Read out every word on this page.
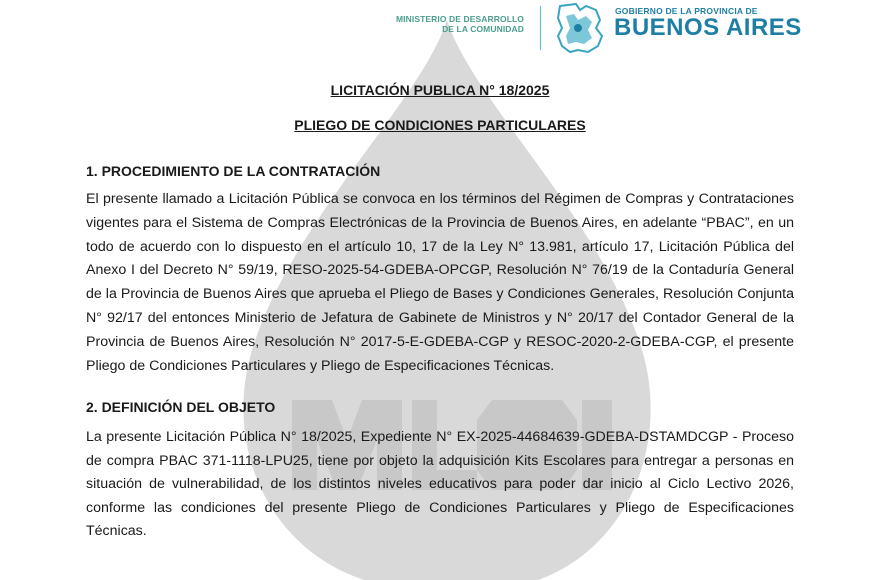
MINISTERIO DE DESARROLLO
DE LA COMUNIDAD
GOBIERNO DE LA PROVINCIA DE
BUENOS AIRES

LICITACIÓN PUBLICA N° 18/2025

PLIEGO DE CONDICIONES PARTICULARES

1. PROCEDIMIENTO DE LA CONTRATACIÓN

El presente llamado a Licitación Pública se convoca en los términos del Régimen de Compras y Contrataciones vigentes para el Sistema de Compras Electrónicas de la Provincia de Buenos Aires, en adelante “PBAC”, en un todo de acuerdo con lo dispuesto en el artículo 10, 17 de la Ley N° 13.981, artículo 17, Licitación Pública del Anexo I del Decreto N° 59/19, RESO-2025-54-GDEBA-OPCGP, Resolución N° 76/19 de la Contaduría General de la Provincia de Buenos Aires que aprueba el Pliego de Bases y Condiciones Generales, Resolución Conjunta N° 92/17 del entonces Ministerio de Jefatura de Gabinete de Ministros y N° 20/17 del Contador General de la Provincia de Buenos Aires, Resolución N° 2017-5-E-GDEBA-CGP y RESOC-2020-2-GDEBA-CGP, el presente Pliego de Condiciones Particulares y Pliego de Especificaciones Técnicas.

2. DEFINICIÓN DEL OBJETO

La presente Licitación Pública N° 18/2025, Expediente N° EX-2025-44684639-GDEBA-DSTAMDCGP - Proceso de compra PBAC 371-1118-LPU25, tiene por objeto la adquisición Kits Escolares para entregar a personas en situación de vulnerabilidad, de los distintos niveles educativos para poder dar inicio al Ciclo Lectivo 2026, conforme las condiciones del presente Pliego de Condiciones Particulares y Pliego de Especificaciones Técnicas.
